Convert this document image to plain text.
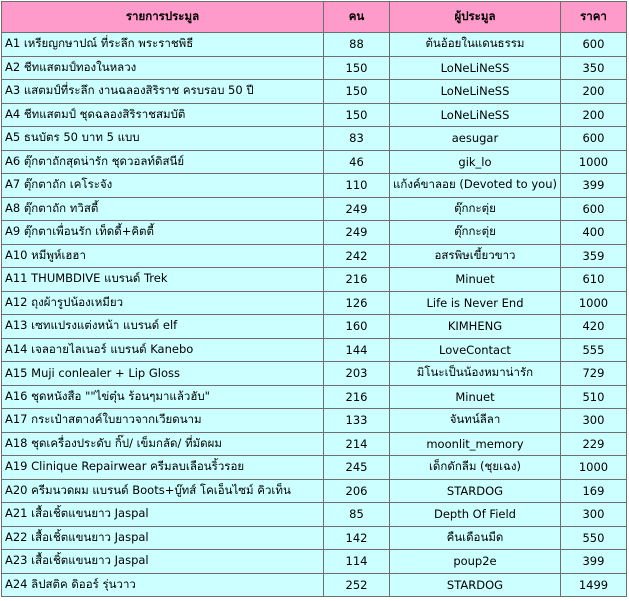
รายการประมูล	คน	ผู้ประมูล	ราคา
A1 เหรียญกษาปณ์ ที่ระลึก พระราชพิธี	88	ต้นอ้อยในแดนธรรม	600
A2 ชีทแสตมป์ทองในหลวง	150	LoNeLiNeSS	350
A3 แสตมป์ที่ระลึก งานฉลองสิริราช ครบรอบ 50 ปี	150	LoNeLiNeSS	200
A4 ชีทแสตมป์ ชุดฉลองสิริราชสมบัติ	150	LoNeLiNeSS	200
A5 ธนบัตร 50 บาท 5 แบบ	83	aesugar	600
A6 ตุ๊กตาถักสุดน่ารัก ชุดวอลท์ดิสนีย์	46	gik_lo	1000
A7 ตุ๊กตาถัก เคโระจัง	110	แก้งค์ขาลอย (Devoted to you)	399
A8 ตุ๊กตาถัก ทวิสตี้	249	ตุ๊กกะตุ่ย	600
A9 ตุ๊กตาเพื่อนรัก เท็ดดี้+คิตตี้	249	ตุ๊กกะตุ่ย	400
A10 หมีพูห์เฮฮา	242	อสรพิษเขี้ยวขาว	359
A11 THUMBDIVE แบรนด์ Trek	216	Minuet	610
A12 ถุงผ้ารูปน้องเหมียว	126	Life is Never End	1000
A13 เซทแปรงแต่งหน้า แบรนด์ elf	160	KIMHENG	420
A14 เจลอายไลเนอร์ แบรนด์ Kanebo	144	LoveContact	555
A15 Muji conlealer + Lip Gloss	203	มิโนะเป็นน้องหมาน่ารัก	729
A16 ชุดหนังสือ ""ไข่ตุ๋น ร้อนๆมาแล้วฮับ"	216	Minuet	510
A17 กระเป๋าสตางค์ใบยาวจากเวียดนาม	133	จันทน์ลีลา	300
A18 ชุดเครื่องประดับ กิ๊ป/ เข็มกลัด/ ที่มัดผม	214	moonlit_memory	229
A19 Clinique Repairwear ครีมลบเลือนริ้วรอย	245	เด็กดักลีม (ชุยเฉง)	1000
A20 ครีมนวดผม แบรนด์ Boots+บู๊ทส์ โคเอ็นไซม์ คิวเท็น	206	STARDOG	169
A21 เสื้อเชิ้ตแขนยาว Jaspal	85	Depth Of Field	300
A22 เสื้อเชิ้ตแขนยาว Jaspal	142	คืนเดือนมืด	550
A23 เสื้อเชิ้ตแขนยาว Jaspal	114	poup2e	399
A24 ลิปสติค ดิออร์ รุ่นวาว	252	STARDOG	1499
